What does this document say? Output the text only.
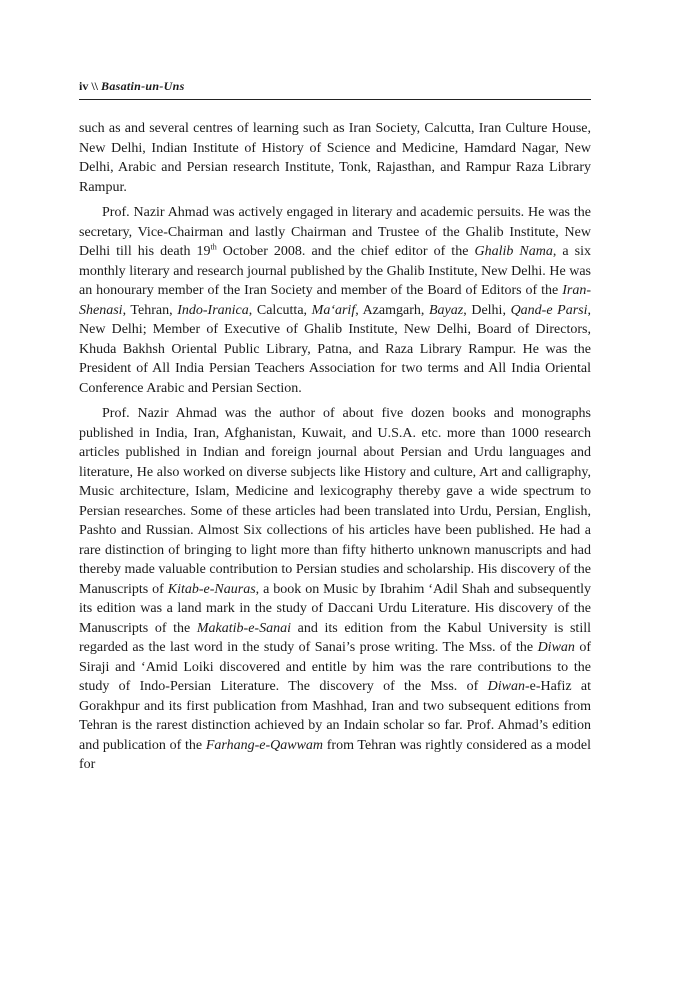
iv \\ Basatin-un-Uns

such as and several centres of learning such as Iran Society, Calcutta, Iran Culture House, New Delhi, Indian Institute of History of Science and Medicine, Hamdard Nagar, New Delhi, Arabic and Persian research Institute, Tonk, Rajasthan, and Rampur Raza Library Rampur.

Prof. Nazir Ahmad was actively engaged in literary and academic persuits. He was the secretary, Vice-Chairman and lastly Chairman and Trustee of the Ghalib Institute, New Delhi till his death 19th October 2008. and the chief editor of the Ghalib Nama, a six monthly literary and research journal published by the Ghalib Institute, New Delhi. He was an honourary member of the Iran Society and member of the Board of Editors of the Iran-Shenasi, Tehran, Indo-Iranica, Calcutta, Ma‘arif, Azamgarh, Bayaz, Delhi, Qand-e Parsi, New Delhi; Member of Executive of Ghalib Institute, New Delhi, Board of Directors, Khuda Bakhsh Oriental Public Library, Patna, and Raza Library Rampur. He was the President of All India Persian Teachers Association for two terms and All India Oriental Conference Arabic and Persian Section.

Prof. Nazir Ahmad was the author of about five dozen books and monographs published in India, Iran, Afghanistan, Kuwait, and U.S.A. etc. more than 1000 research articles published in Indian and foreign journal about Persian and Urdu languages and literature, He also worked on diverse subjects like History and culture, Art and calligraphy, Music architecture, Islam, Medicine and lexicography thereby gave a wide spectrum to Persian researches. Some of these articles had been translated into Urdu, Persian, English, Pashto and Russian. Almost Six collections of his articles have been published. He had a rare distinction of bringing to light more than fifty hitherto unknown manuscripts and had thereby made valuable contribution to Persian studies and scholarship. His discovery of the Manuscripts of Kitab-e-Nauras, a book on Music by Ibrahim ‘Adil Shah and subsequently its edition was a land mark in the study of Daccani Urdu Literature. His discovery of the Manuscripts of the Makatib-e-Sanai and its edition from the Kabul University is still regarded as the last word in the study of Sanai’s prose writing. The Mss. of the Diwan of Siraji and ‘Amid Loiki discovered and entitle by him was the rare contributions to the study of Indo-Persian Literature. The discovery of the Mss. of Diwan-e-Hafiz at Gorakhpur and its first publication from Mashhad, Iran and two subsequent editions from Tehran is the rarest distinction achieved by an Indain scholar so far. Prof. Ahmad’s edition and publication of the Farhang-e-Qawwam from Tehran was rightly considered as a model for
